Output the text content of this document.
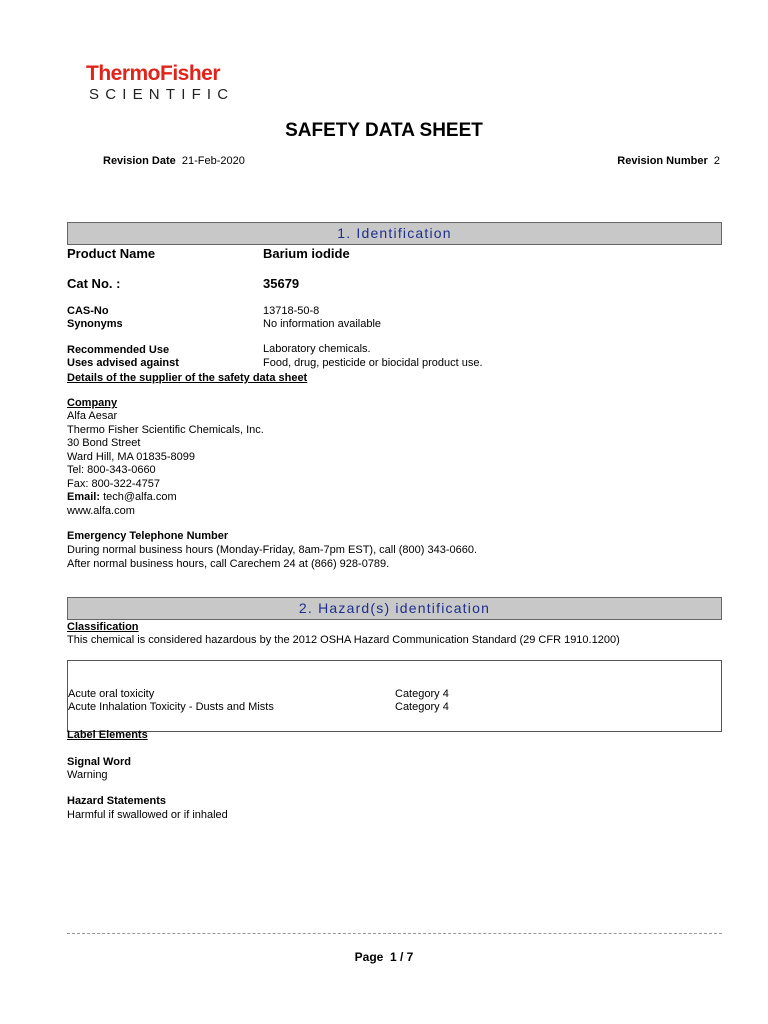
ThermoFisher
SCIENTIFIC
SAFETY DATA SHEET
Revision Date 21-Feb-2020	Revision Number 2
1. Identification
Product Name	Barium iodide
Cat No. :	35679
CAS-No	13718-50-8
Synonyms	No information available
Recommended Use	Laboratory chemicals.
Uses advised against	Food, drug, pesticide or biocidal product use.
Details of the supplier of the safety data sheet
Company
Alfa Aesar
Thermo Fisher Scientific Chemicals, Inc.
30 Bond Street
Ward Hill, MA 01835-8099
Tel: 800-343-0660
Fax: 800-322-4757
Email: tech@alfa.com
www.alfa.com
Emergency Telephone Number
During normal business hours (Monday-Friday, 8am-7pm EST), call (800) 343-0660.
After normal business hours, call Carechem 24 at (866) 928-0789.
2. Hazard(s) identification
Classification
This chemical is considered hazardous by the 2012 OSHA Hazard Communication Standard (29 CFR 1910.1200)
Acute oral toxicity	Category 4
Acute Inhalation Toxicity - Dusts and Mists	Category 4
Label Elements
Signal Word
Warning
Hazard Statements
Harmful if swallowed or if inhaled
Page 1 / 7
